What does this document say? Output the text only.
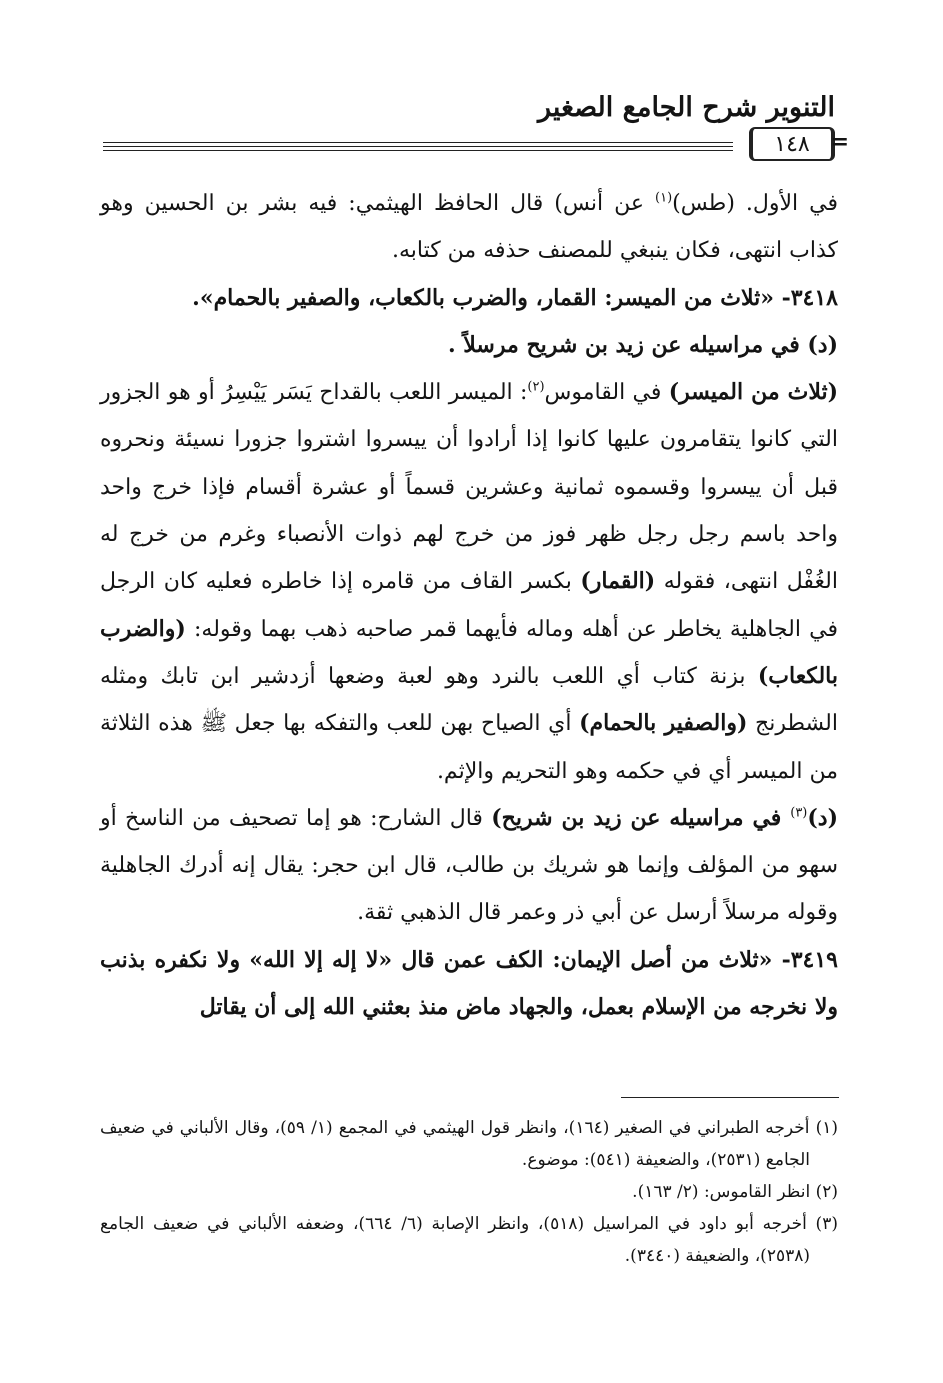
التنوير شرح الجامع الصغير
١٤٨ =

في الأول. (طس)$^{(١)}$ عن أنس) قال الحافظ الهيثمي: فيه بشر بن الحسين وهو كذاب انتهى، فكان ينبغي للمصنف حذفه من كتابه.

٣٤١٨- «ثلاث من الميسر: القمار، والضرب بالكعاب، والصفير بالحمام».

(د) في مراسيله عن زيد بن شريح مرسلاً .

(ثلاث من الميسر) في القاموس$^{(٢)}$: الميسر اللعب بالقداح يَسَر يَيْسِرُ أو هو الجزور التي كانوا يتقامرون عليها كانوا إذا أرادوا أن ييسروا اشتروا جزورا نسيئة ونحروه قبل أن ييسروا وقسموه ثمانية وعشرين قسماً أو عشرة أقسام فإذا خرج واحد واحد باسم رجل رجل ظهر فوز من خرج لهم ذوات الأنصباء وغرم من خرج له الغُفْل انتهى، فقوله (القمار) بكسر القاف من قامره إذا خاطره فعليه كان الرجل في الجاهلية يخاطر عن أهله وماله فأيهما قمر صاحبه ذهب بهما وقوله: (والضرب بالكعاب) بزنة كتاب أي اللعب بالنرد وهو لعبة وضعها أزدشير ابن تابك ومثله الشطرنج (والصفير بالحمام) أي الصياح بهن للعب والتفكه بها جعل ﷺ هذه الثلاثة من الميسر أي في حكمه وهو التحريم والإثم.

(د)$^{(٣)}$ في مراسيله عن زيد بن شريح) قال الشارح: هو إما تصحيف من الناسخ أو سهو من المؤلف وإنما هو شريك بن طالب، قال ابن حجر: يقال إنه أدرك الجاهلية وقوله مرسلاً أرسل عن أبي ذر وعمر قال الذهبي ثقة.

٣٤١٩- «ثلاث من أصل الإيمان: الكف عمن قال «لا إله إلا الله» ولا نكفره بذنب ولا نخرجه من الإسلام بعمل، والجهاد ماض منذ بعثني الله إلى أن يقاتل

(١) أخرجه الطبراني في الصغير (١٦٤)، وانظر قول الهيثمي في المجمع (١/ ٥٩)، وقال الألباني في ضعيف الجامع (٢٥٣١)، والضعيفة (٥٤١): موضوع.

(٢) انظر القاموس: (٢/ ١٦٣).

(٣) أخرجه أبو داود في المراسيل (٥١٨)، وانظر الإصابة (٦/ ٦٦٤)، وضعفه الألباني في ضعيف الجامع (٢٥٣٨)، والضعيفة (٣٤٤٠).
